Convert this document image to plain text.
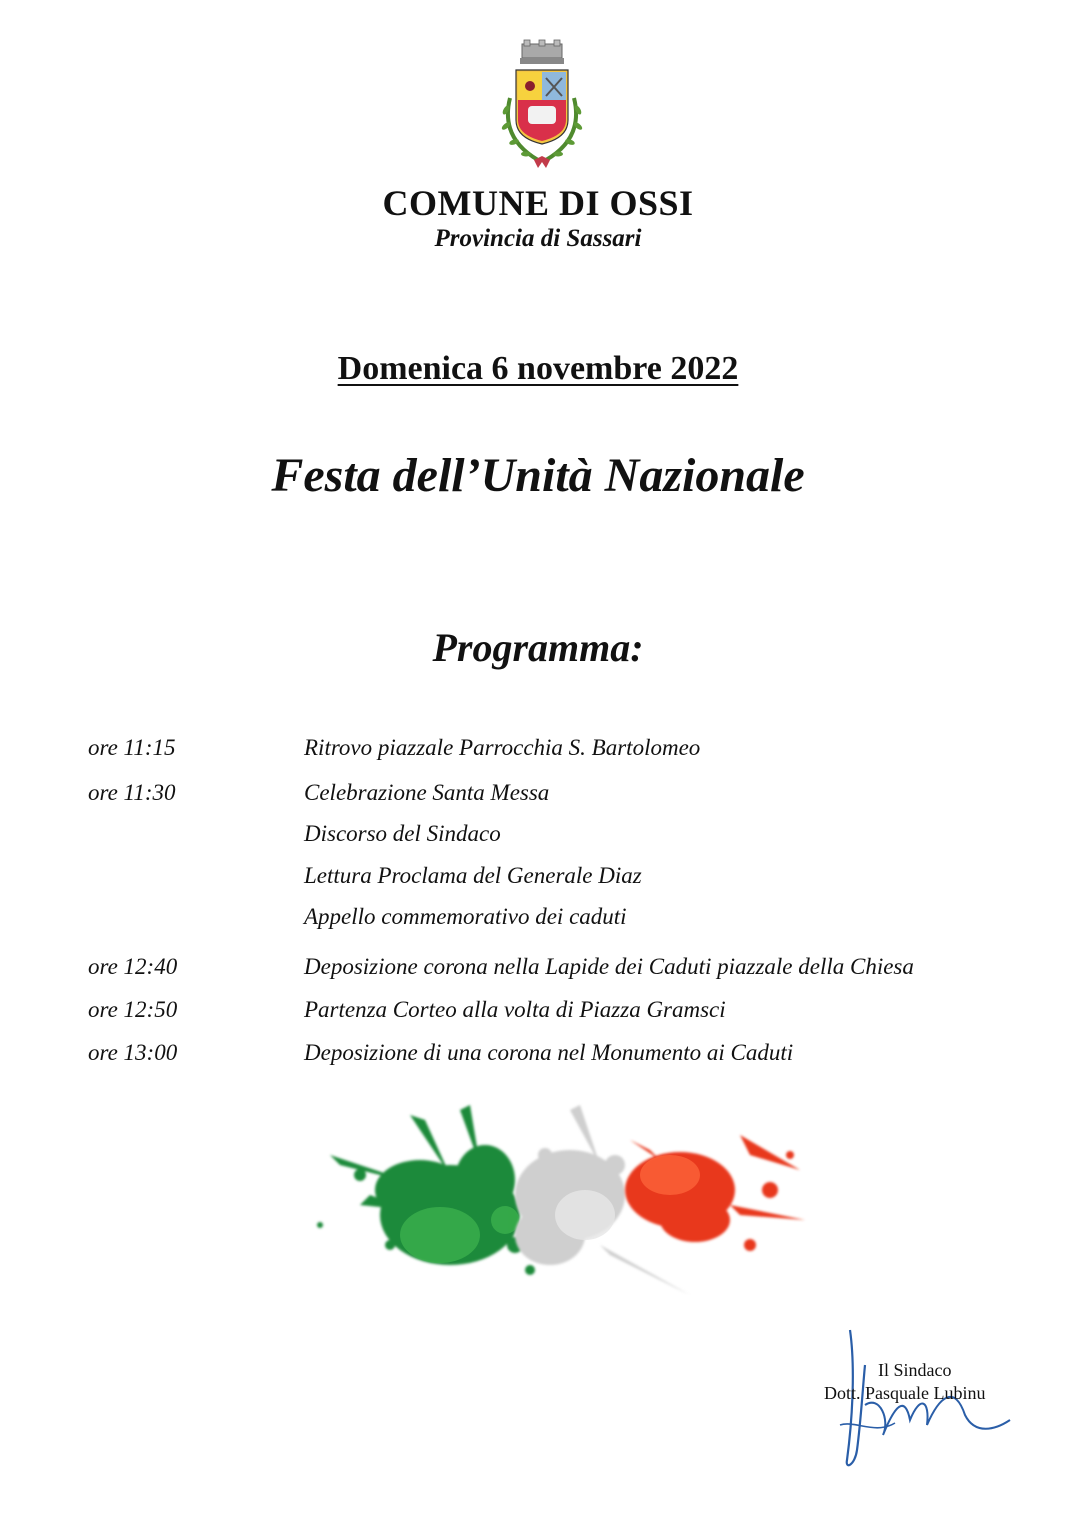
COMUNE DI OSSI
Provincia di Sassari
Domenica 6 novembre 2022
Festa dell’Unità Nazionale
Programma:
ore 11:15	Ritrovo piazzale Parrocchia S. Bartolomeo
ore 11:30	Celebrazione Santa Messa
Discorso del Sindaco
Lettura Proclama del Generale Diaz
Appello commemorativo dei caduti
ore 12:40	Deposizione corona nella Lapide dei Caduti piazzale della Chiesa
ore 12:50	Partenza Corteo alla volta di Piazza Gramsci
ore 13:00	Deposizione di una corona nel Monumento ai Caduti
Il Sindaco
Dott. Pasquale Lubinu
